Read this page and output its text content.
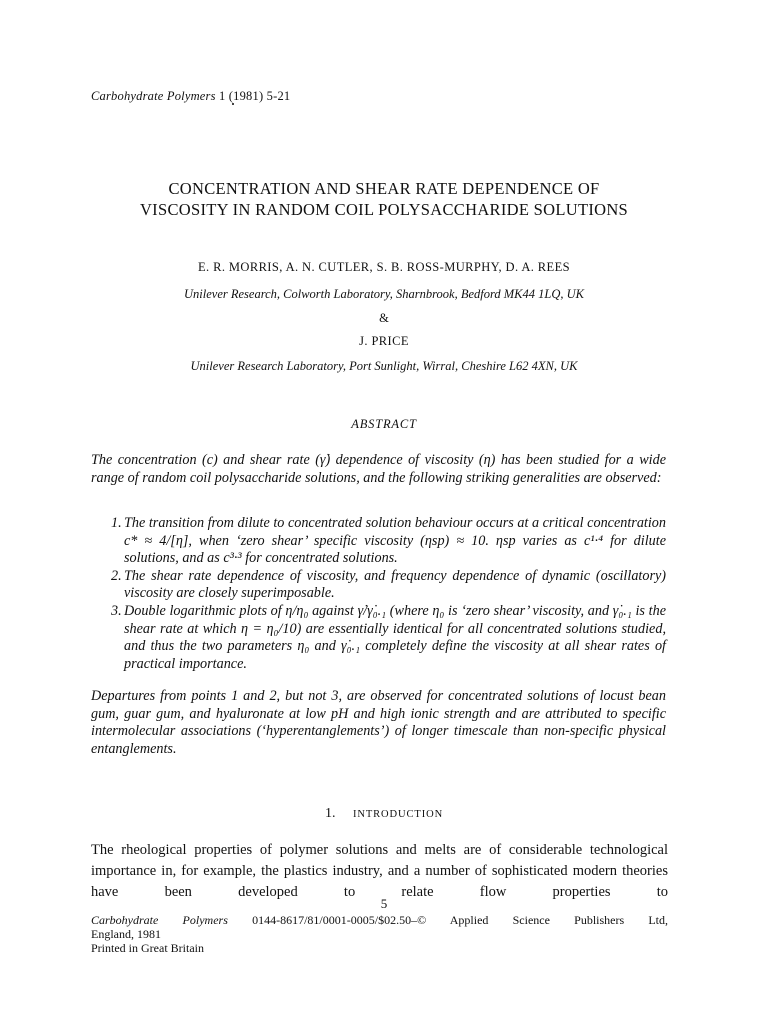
Carbohydrate Polymers 1 (1981) 5-21
CONCENTRATION AND SHEAR RATE DEPENDENCE OF
VISCOSITY IN RANDOM COIL POLYSACCHARIDE SOLUTIONS
E. R. MORRIS, A. N. CUTLER, S. B. ROSS-MURPHY, D. A. REES
Unilever Research, Colworth Laboratory, Sharnbrook, Bedford MK44 1LQ, UK
&
J. PRICE
Unilever Research Laboratory, Port Sunlight, Wirral, Cheshire L62 4XN, UK
ABSTRACT

The concentration (c) and shear rate (γ̇) dependence of viscosity (η) has been studied for a wide range of random coil polysaccharide solutions, and the following striking generalities are observed:

1. The transition from dilute to concentrated solution behaviour occurs at a critical concentration c* ≈ 4/[η], when ‘zero shear’ specific viscosity (ηsp) ≈ 10. ηsp varies as c¹·⁴ for dilute solutions, and as c³·³ for concentrated solutions.

2. The shear rate dependence of viscosity, and frequency dependence of dynamic (oscillatory) viscosity are closely superimposable.

3. Double logarithmic plots of η/η₀ against γ̇/γ̇₀.₁ (where η₀ is ‘zero shear’ viscosity, and γ̇₀.₁ is the shear rate at which η = η₀/10) are essentially identical for all concentrated solutions studied, and thus the two parameters η₀ and γ̇₀.₁ completely define the viscosity at all shear rates of practical importance.

Departures from points 1 and 2, but not 3, are observed for concentrated solutions of locust bean gum, guar gum, and hyaluronate at low pH and high ionic strength and are attributed to specific intermolecular associations (‘hyperentanglements’) of longer timescale than non-specific physical entanglements.
1. INTRODUCTION
The rheological properties of polymer solutions and melts are of considerable technological importance in, for example, the plastics industry, and a number of sophisticated modern theories have been developed to relate flow properties to
5
Carbohydrate Polymers 0144-8617/81/0001-0005/$02.50–© Applied Science Publishers Ltd,
England, 1981
Printed in Great Britain
